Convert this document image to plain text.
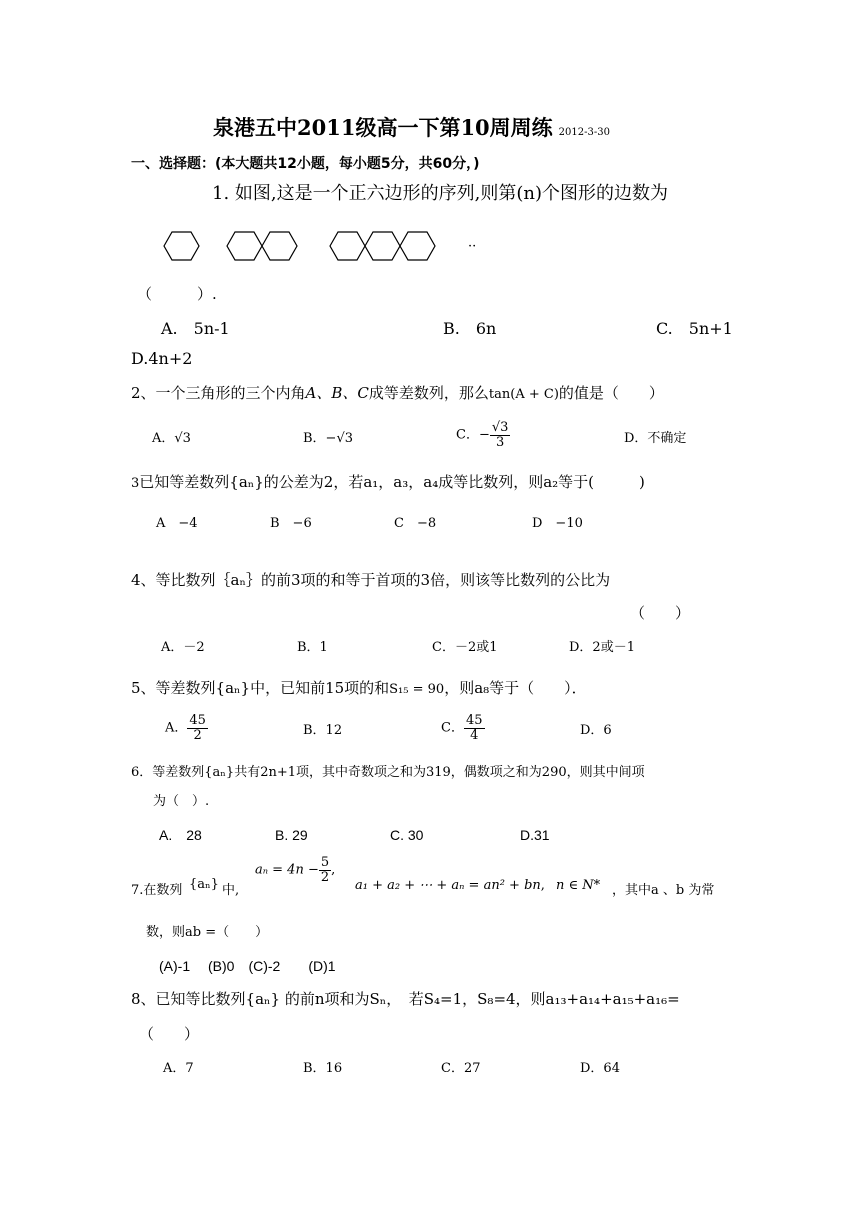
泉港五中2011级高一下第10周周练 2012-3-30
一、选择题：(本大题共12小题，每小题5分，共60分，)
1. 如图,这是一个正六边形的序列,则第(n)个图形的边数为
··
（　　　）.
A.　5n-1	B.　6n	C.　5n+1
D.4n+2
2、一个三角形的三个内角A、B、C成等差数列，那么tan(A + C)的值是（　　）
A．√3	B．−√3	C．− $\frac{√3}{3}$	D．不确定
3已知等差数列{aₙ}的公差为2，若a₁，a₃，a₄成等比数列，则a₂等于(　　　)
A　−4	B　−6	C　−8	D　−10
4、等比数列｛aₙ｝的前3项的和等于首项的3倍，则该等比数列的公比为
（　　）
A．－2	B．1	C．－2或1	D．2或－1
5、等差数列{aₙ}中，已知前15项的和S₁₅ = 90，则a₈等于（　　）．
A． $\frac{45}{2}$	B．12	C． $\frac{45}{4}$	D．6
6．等差数列{aₙ}共有2n+1项，其中奇数项之和为319，偶数项之和为290，则其中间项
为（　）.
A.　28	B. 29	C. 30	D.31
7.在数列 {aₙ} 中,
$a_n = 4n - \frac{5}{2}$ ,
a₁ + a₂ + ⋯ + aₙ = an² + bn, n ∈ N* ，其中a 、b 为常
数，则ab =（　　）
(A)-1　 (B)0　(C)-2　　(D)1
8、已知等比数列{aₙ} 的前n项和为Sₙ，　若S₄=1，S₈=4，则a₁₃+a₁₄+a₁₅+a₁₆=
（　　）
A．7	B．16	C．27	D．64
